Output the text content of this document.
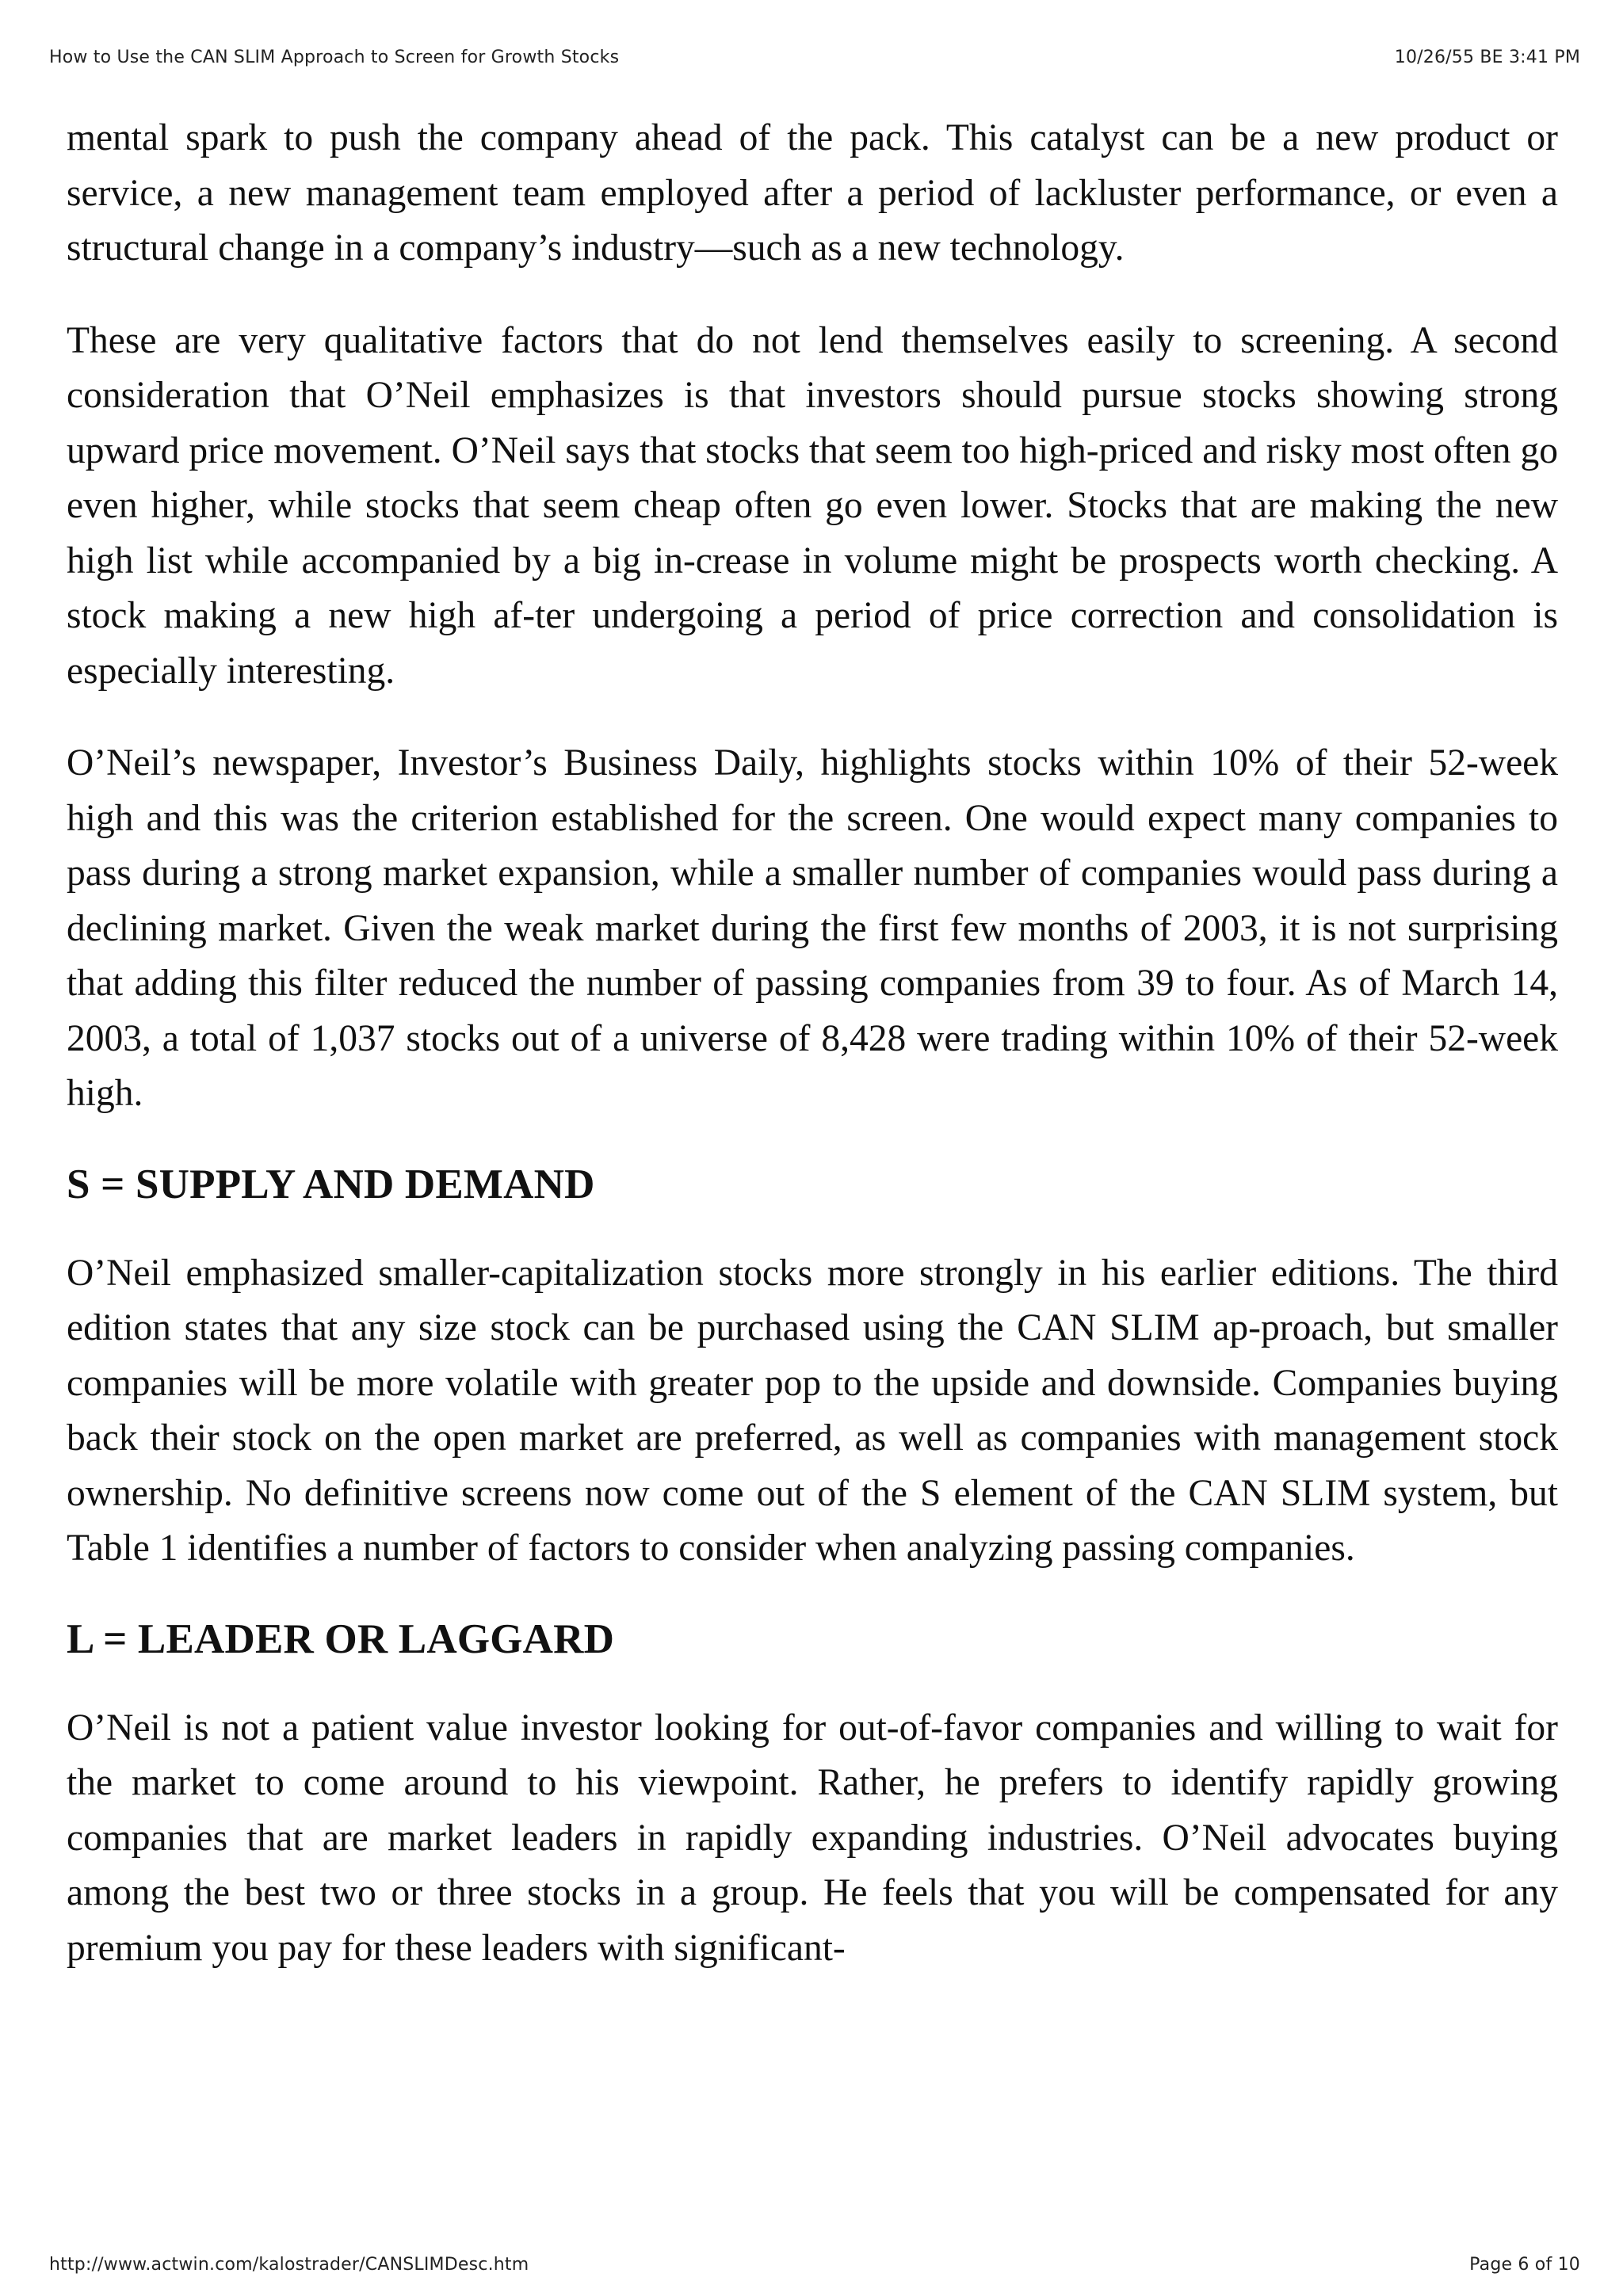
How to Use the CAN SLIM Approach to Screen for Growth Stocks	10/26/55 BE 3:41 PM

mental spark to push the company ahead of the pack. This catalyst can be a new product or service, a new management team employed after a period of lackluster performance, or even a structural change in a company’s industry—such as a new technology.

These are very qualitative factors that do not lend themselves easily to screening. A second consideration that O’Neil emphasizes is that investors should pursue stocks showing strong upward price movement. O’Neil says that stocks that seem too high-priced and risky most often go even higher, while stocks that seem cheap often go even lower. Stocks that are making the new high list while accompanied by a big in-crease in volume might be prospects worth checking. A stock making a new high af-ter undergoing a period of price correction and consolidation is especially interesting.

O’Neil’s newspaper, Investor’s Business Daily, highlights stocks within 10% of their 52-week high and this was the criterion established for the screen. One would expect many companies to pass during a strong market expansion, while a smaller number of companies would pass during a declining market. Given the weak market during the first few months of 2003, it is not surprising that adding this filter reduced the number of passing companies from 39 to four. As of March 14, 2003, a total of 1,037 stocks out of a universe of 8,428 were trading within 10% of their 52-week high.

S = SUPPLY AND DEMAND

O’Neil emphasized smaller-capitalization stocks more strongly in his earlier editions. The third edition states that any size stock can be purchased using the CAN SLIM ap-proach, but smaller companies will be more volatile with greater pop to the upside and downside. Companies buying back their stock on the open market are preferred, as well as companies with management stock ownership. No definitive screens now come out of the S element of the CAN SLIM system, but Table 1 identifies a number of factors to consider when analyzing passing companies.

L = LEADER OR LAGGARD

O’Neil is not a patient value investor looking for out-of-favor companies and willing to wait for the market to come around to his viewpoint. Rather, he prefers to identify rapidly growing companies that are market leaders in rapidly expanding industries. O’Neil advocates buying among the best two or three stocks in a group. He feels that you will be compensated for any premium you pay for these leaders with significant-

http://www.actwin.com/kalostrader/CANSLIMDesc.htm	Page 6 of 10
